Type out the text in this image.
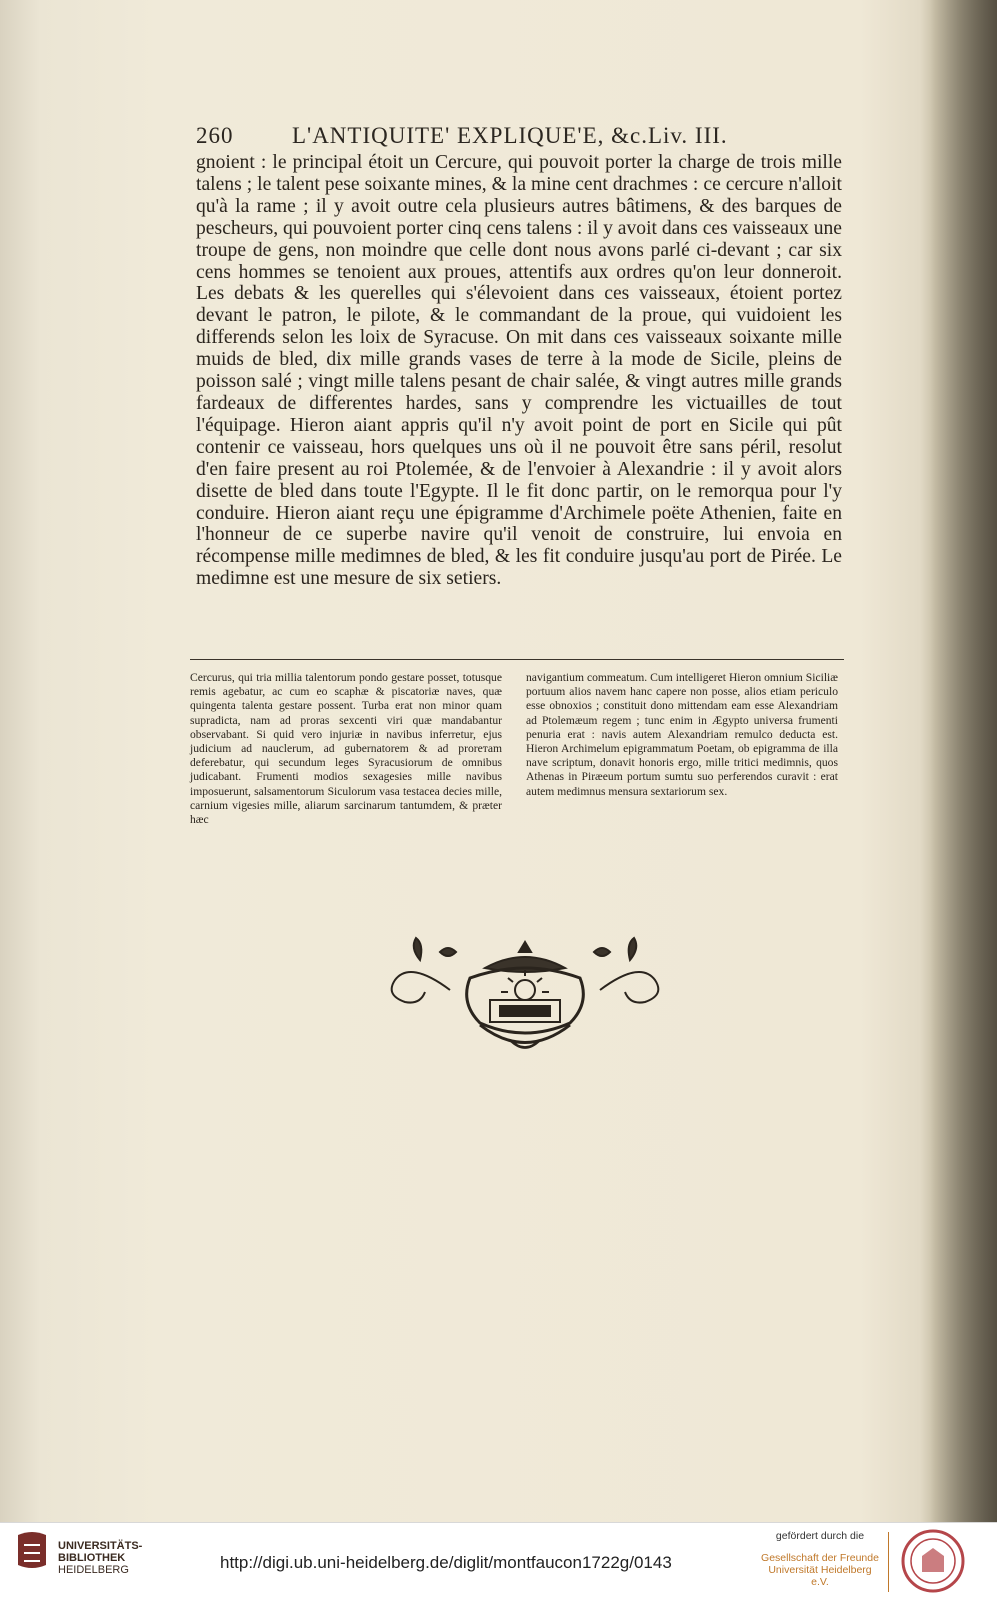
260	L'ANTIQUITE' EXPLIQUE'E, &c.Liv. III.

gnoient : le principal étoit un Cercure, qui pouvoit porter la charge de trois mille talens ; le talent pese soixante mines, & la mine cent drachmes : ce cercure n'alloit qu'à la rame ; il y avoit outre cela plusieurs autres bâtimens, & des barques de pescheurs, qui pouvoient porter cinq cens talens : il y avoit dans ces vaisseaux une troupe de gens, non moindre que celle dont nous avons parlé ci-devant ; car six cens hommes se tenoient aux proues, attentifs aux ordres qu'on leur donneroit. Les debats & les querelles qui s'élevoient dans ces vaisseaux, étoient portez devant le patron, le pilote, & le commandant de la proue, qui vuidoient les differends selon les loix de Syracuse. On mit dans ces vaisseaux soixante mille muids de bled, dix mille grands vases de terre à la mode de Sicile, pleins de poisson salé ; vingt mille talens pesant de chair salée, & vingt autres mille grands fardeaux de differentes hardes, sans y comprendre les victuailles de tout l'équipage. Hieron aiant appris qu'il n'y avoit point de port en Sicile qui pût contenir ce vaisseau, hors quelques uns où il ne pouvoit être sans péril, resolut d'en faire present au roi Ptolemée, & de l'envoier à Alexandrie : il y avoit alors disette de bled dans toute l'Egypte. Il le fit donc partir, on le remorqua pour l'y conduire. Hieron aiant reçu une épigramme d'Archimele poëte Athenien, faite en l'honneur de ce superbe navire qu'il venoit de construire, lui envoia en récompense mille medimnes de bled, & les fit conduire jusqu'au port de Pirée. Le medimne est une mesure de six setiers.

Cercurus, qui tria millia talentorum pondo gestare posset, totusque remis agebatur, ac cum eo scaphæ & piscatoriæ naves, quæ quingenta talenta gestare possent. Turba erat non minor quam supradicta, nam ad proras sexcenti viri quæ mandabantur observabant. Si quid vero injuriæ in navibus inferretur, ejus judicium ad nauclerum, ad gubernatorem & ad proreтam deferebatur, qui secundum leges Syracusiorum de omnibus judicabant. Frumenti modios sexagesies mille navibus imposuerunt, salsamentorum Siculorum vasa testacea decies mille, carnium vigesies mille, aliarum sarcinarum tantumdem, & præter hæc
navigantium commeatum. Cum intelligeret Hieron omnium Siciliæ portuum alios navem hanc capere non posse, alios etiam periculo esse obnoxios ; constituit dono mittendam eam esse Alexandriam ad Ptolemæum regem ; tunc enim in Ægypto universa frumenti penuria erat : navis autem Alexandriam remulco deducta est. Hieron Archimelum epigrammatum Poetam, ob epigramma de illa nave scriptum, donavit honoris ergo, mille tritici medimnis, quos Athenas in Piræeum portum sumtu suo perferendos curavit : erat autem medimnus mensura sextariorum sex.
UNIVERSITÄTS-
BIBLIOTHEK
HEIDELBERG	http://digi.ub.uni-heidelberg.de/diglit/montfaucon1722g/0143
gefördert durch die
Gesellschaft der Freunde
Universität Heidelberg e.V.
